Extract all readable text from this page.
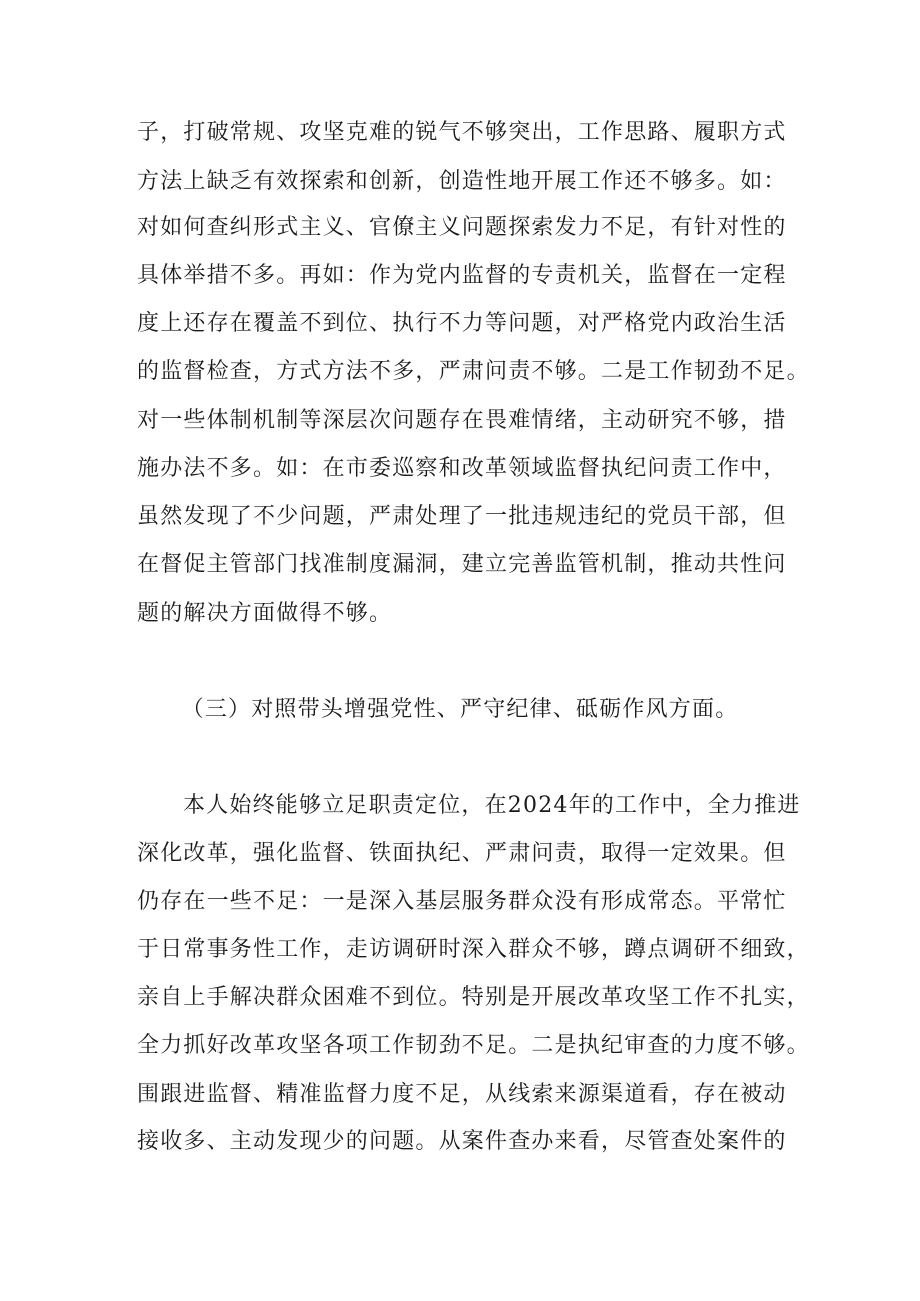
子，打破常规、攻坚克难的锐气不够突出，工作思路、履职方式
方法上缺乏有效探索和创新，创造性地开展工作还不够多。如：
对如何查纠形式主义、官僚主义问题探索发力不足，有针对性的
具体举措不多。再如：作为党内监督的专责机关，监督在一定程
度上还存在覆盖不到位、执行不力等问题，对严格党内政治生活
的监督检查，方式方法不多，严肃问责不够。二是工作韧劲不足。
对一些体制机制等深层次问题存在畏难情绪，主动研究不够，措
施办法不多。如：在市委巡察和改革领域监督执纪问责工作中，
虽然发现了不少问题，严肃处理了一批违规违纪的党员干部，但
在督促主管部门找准制度漏洞，建立完善监管机制，推动共性问
题的解决方面做得不够。
（三）对照带头增强党性、严守纪律、砥砺作风方面。
本人始终能够立足职责定位，在2024年的工作中，全力推进
深化改革，强化监督、铁面执纪、严肃问责，取得一定效果。但
仍存在一些不足：一是深入基层服务群众没有形成常态。平常忙
于日常事务性工作，走访调研时深入群众不够，蹲点调研不细致，
亲自上手解决群众困难不到位。特别是开展改革攻坚工作不扎实，
全力抓好改革攻坚各项工作韧劲不足。二是执纪审查的力度不够。
围跟进监督、精准监督力度不足，从线索来源渠道看，存在被动
接收多、主动发现少的问题。从案件查办来看，尽管查处案件的
